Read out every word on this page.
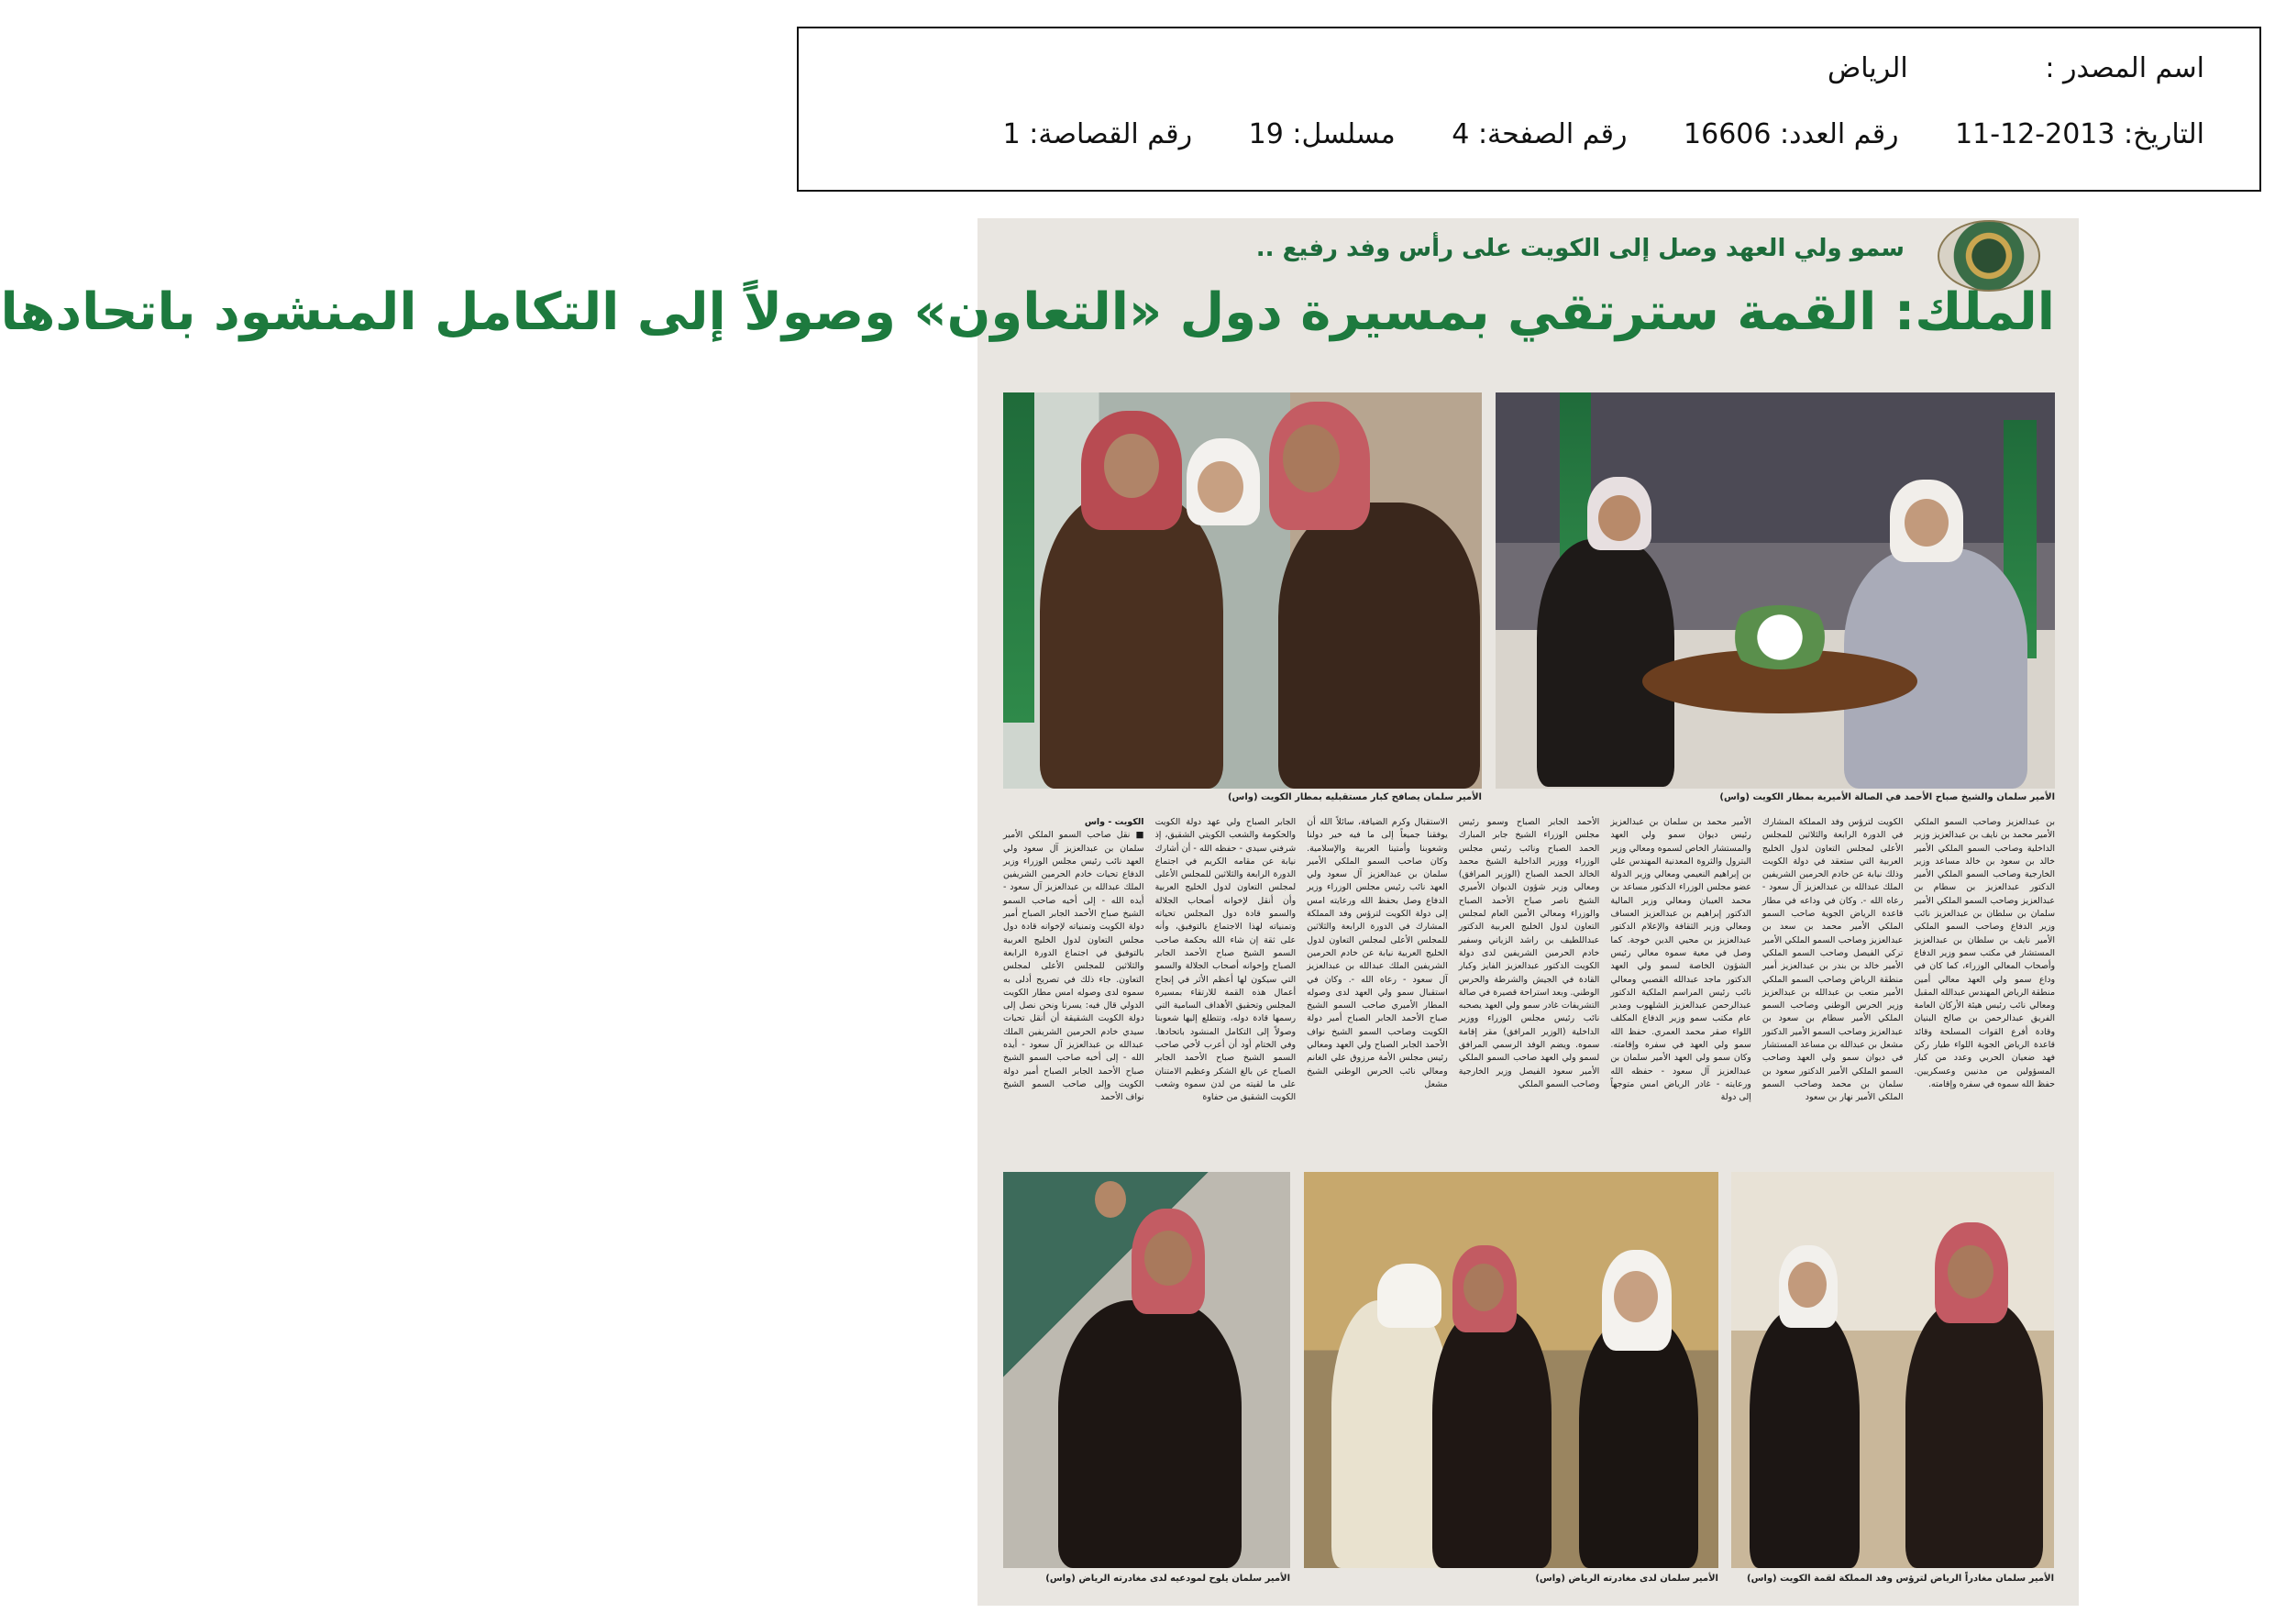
اسم المصدر : الرياض
التاريخ: 2013-12-11 رقم العدد: 16606 رقم الصفحة: 4 مسلسل: 19 رقم القصاصة: 1
سمو ولي العهد وصل إلى الكويت على رأس وفد رفيع ..
الملك: القمة سترتقي بمسيرة دول «التعاون» وصولاً إلى التكامل المنشود باتحادها
الأمير سلمان والشيخ صباح الأحمد في الصالة الأميرية بمطار الكويت (واس)
الأمير سلمان يصافح كبار مستقبليه بمطار الكويت (واس)
الكويت - واس
■ نقل صاحب السمو الملكي الأمير سلمان بن عبدالعزيز آل سعود ولي العهد نائب رئيس مجلس الوزراء وزير الدفاع تحيات خادم الحرمين الشريفين الملك عبدالله بن عبدالعزيز آل سعود - أيده الله - إلى أخيه صاحب السمو الشيخ صباح الأحمد الجابر الصباح أمير دولة الكويت وتمنياته لإخوانه قادة دول مجلس التعاون لدول الخليج العربية بالتوفيق في اجتماع الدورة الرابعة والثلاثين للمجلس الأعلى لمجلس التعاون. جاء ذلك في تصريح أدلى به سموه لدى وصوله امس مطار الكويت الدولي قال فيه: يسرنا ونحن نصل إلى دولة الكويت الشقيقة أن أنقل تحيات سيدي خادم الحرمين الشريفين الملك عبدالله بن عبدالعزيز آل سعود - أيده الله - إلى أخيه صاحب السمو الشيخ صباح الأحمد الجابر الصباح أمير دولة الكويت وإلى صاحب السمو الشيخ نواف الأحمد
الجابر الصباح ولي عهد دولة الكويت والحكومة والشعب الكويتي الشقيق، إذ شرفني سيدي - حفظه الله - أن أشارك نيابة عن مقامه الكريم في اجتماع الدورة الرابعة والثلاثين للمجلس الأعلى لمجلس التعاون لدول الخليج العربية وأن أنقل لإخوانه أصحاب الجلالة والسمو قادة دول المجلس تحياته وتمنياته لهذا الاجتماع بالتوفيق، وأنه على ثقة إن شاء الله بحكمة صاحب السمو الشيخ صباح الأحمد الجابر الصباح وإخوانه أصحاب الجلالة والسمو التي سيكون لها أعظم الأثر في إنجاح أعمال هذه القمة للارتقاء بمسيرة المجلس وتحقيق الأهداف السامية التي رسمها قادة دوله، وتتطلع إليها شعوبنا وصولاً إلى التكامل المنشود باتحادها. وفي الختام أود أن أعرب لأخي صاحب السمو الشيخ صباح الأحمد الجابر الصباح عن بالغ الشكر وعظيم الامتنان على ما لقيته من لدن سموه وشعب الكويت الشقيق من حفاوة
الاستقبال وكرم الضيافة، سائلاً الله أن يوفقنا جميعاً إلى ما فيه خير دولنا وشعوبنا وأمتينا العربية والإسلامية. وكان صاحب السمو الملكي الأمير سلمان بن عبدالعزيز آل سعود ولي العهد نائب رئيس مجلس الوزراء وزير الدفاع وصل بحفظ الله ورعايته امس إلى دولة الكويت لترؤس وفد المملكة المشارك في الدورة الرابعة والثلاثين للمجلس الأعلى لمجلس التعاون لدول الخليج العربية نيابة عن خادم الحرمين الشريفين الملك عبدالله بن عبدالعزيز آل سعود - رعاه الله -. وكان في استقبال سمو ولي العهد لدى وصوله المطار الأميري صاحب السمو الشيخ صباح الأحمد الجابر الصباح أمير دولة الكويت وصاحب السمو الشيخ نواف الأحمد الجابر الصباح ولي العهد ومعالي رئيس مجلس الأمة مرزوق علي الغانم ومعالي نائب الحرس الوطني الشيخ مشعل
الأحمد الجابر الصباح وسمو رئيس مجلس الوزراء الشيخ جابر المبارك الحمد الصباح ونائب رئيس مجلس الوزراء ووزير الداخلية الشيخ محمد الخالد الحمد الصباح (الوزير المرافق) ومعالي وزير شؤون الديوان الأميري الشيخ ناصر صباح الأحمد الصباح والوزراء ومعالي الأمين العام لمجلس التعاون لدول الخليج العربية الدكتور عبداللطيف بن راشد الزياني وسفير خادم الحرمين الشريفين لدى دولة الكويت الدكتور عبدالعزيز الفايز وكبار القادة في الجيش والشرطة والحرس الوطني. وبعد استراحة قصيرة في صالة التشريفات غادر سمو ولي العهد يصحبه نائب رئيس مجلس الوزراء ووزير الداخلية (الوزير المرافق) مقر إقامة سموه. ويضم الوفد الرسمي المرافق لسمو ولي العهد صاحب السمو الملكي الأمير سعود الفيصل وزير الخارجية وصاحب السمو الملكي
الأمير محمد بن سلمان بن عبدالعزيز رئيس ديوان سمو ولي العهد والمستشار الخاص لسموه ومعالي وزير البترول والثروة المعدنية المهندس علي بن إبراهيم النعيمي ومعالي وزير الدولة عضو مجلس الوزراء الدكتور مساعد بن محمد العيبان ومعالي وزير المالية الدكتور إبراهيم بن عبدالعزيز العساف ومعالي وزير الثقافة والإعلام الدكتور عبدالعزيز بن محيي الدين خوجة. كما وصل في معية سموه معالي رئيس الشؤون الخاصة لسمو ولي العهد الدكتور ماجد عبدالله القصبي ومعالي نائب رئيس المراسم الملكية الدكتور عبدالرحمن عبدالعزيز الشلهوب ومدير عام مكتب سمو وزير الدفاع المكلف اللواء صقر محمد العمري. حفظ الله سمو ولي العهد في سفره وإقامته. وكان سمو ولي العهد الأمير سلمان بن عبدالعزيز آل سعود - حفظه الله ورعايته - غادر الرياض امس متوجهاً إلى دولة
الكويت لترؤس وفد المملكة المشارك في الدورة الرابعة والثلاثين للمجلس الأعلى لمجلس التعاون لدول الخليج العربية التي ستعقد في دولة الكويت وذلك نيابة عن خادم الحرمين الشريفين الملك عبدالله بن عبدالعزيز آل سعود - رعاه الله -. وكان في وداعه في مطار قاعدة الرياض الجوية صاحب السمو الملكي الأمير محمد بن سعد بن عبدالعزيز وصاحب السمو الملكي الأمير تركي الفيصل وصاحب السمو الملكي الأمير خالد بن بندر بن عبدالعزيز أمير منطقة الرياض وصاحب السمو الملكي الأمير متعب بن عبدالله بن عبدالعزيز وزير الحرس الوطني وصاحب السمو الملكي الأمير سطام بن سعود بن عبدالعزيز وصاحب السمو الأمير الدكتور مشعل بن عبدالله بن مساعد المستشار في ديوان سمو ولي العهد وصاحب السمو الملكي الأمير الدكتور سعود بن سلمان بن محمد وصاحب السمو الملكي الأمير نهار بن سعود
بن عبدالعزيز وصاحب السمو الملكي الأمير محمد بن نايف بن عبدالعزيز وزير الداخلية وصاحب السمو الملكي الأمير خالد بن سعود بن خالد مساعد وزير الخارجية وصاحب السمو الملكي الأمير الدكتور عبدالعزيز بن سطام بن عبدالعزيز وصاحب السمو الملكي الأمير سلمان بن سلطان بن عبدالعزيز نائب وزير الدفاع وصاحب السمو الملكي الأمير نايف بن سلطان بن عبدالعزيز المستشار في مكتب سمو وزير الدفاع وأصحاب المعالي الوزراء، كما كان في وداع سمو ولي العهد معالي أمين منطقة الرياض المهندس عبدالله المقبل ومعالي نائب رئيس هيئة الأركان العامة الفريق عبدالرحمن بن صالح البنيان وقادة أفرع القوات المسلحة وقائد قاعدة الرياض الجوية اللواء طيار ركن فهد ضعيان الحربي وعدد من كبار المسؤولين من مدنيين وعسكريين. حفظ الله سموه في سفره وإقامته.
الأمير سلمان مغادراً الرياض لترؤس وفد المملكة لقمة الكويت (واس)
الأمير سلمان لدى مغادرته الرياض (واس)
الأمير سلمان يلوح لمودعيه لدى مغادرته الرياض (واس)
